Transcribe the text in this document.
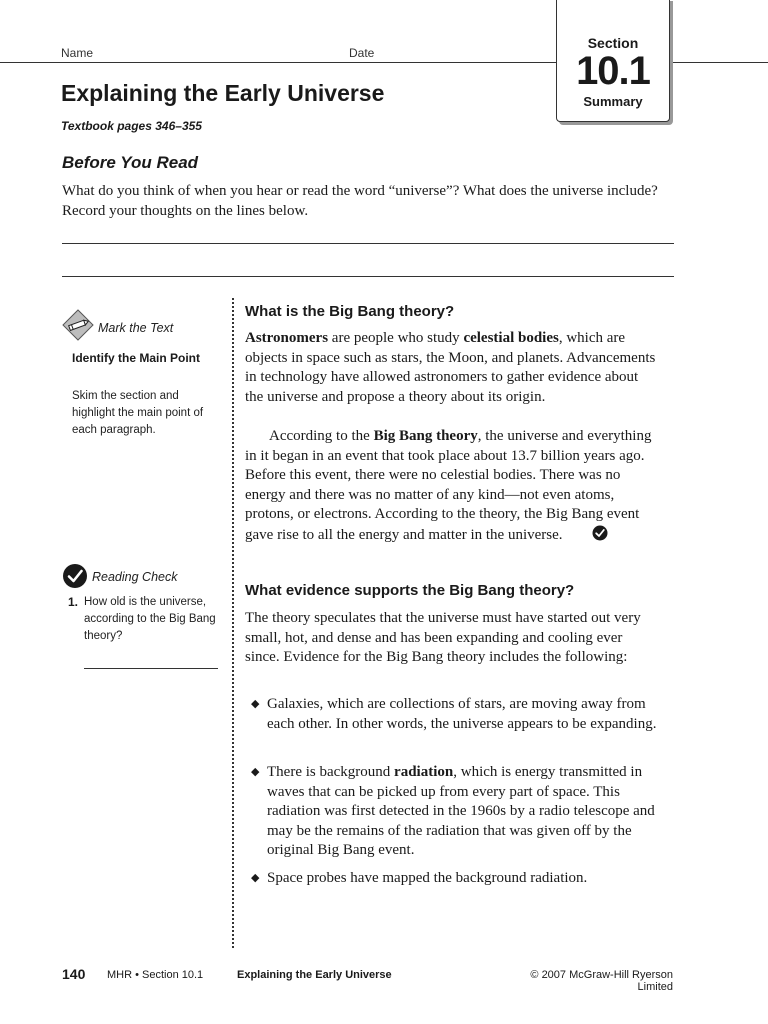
Name	Date
Section
10.1
Summary
Explaining the Early Universe
Textbook pages 346–355
Before You Read
What do you think of when you hear or read the word “universe”? What does the universe include? Record your thoughts on the lines below.
Mark the Text
Identify the Main Point
Skim the section and highlight the main point of each paragraph.
Reading Check
1. How old is the universe, according to the Big Bang theory?
What is the Big Bang theory?
Astronomers are people who study celestial bodies, which are objects in space such as stars, the Moon, and planets. Advancements in technology have allowed astronomers to gather evidence about the universe and propose a theory about its origin.
According to the Big Bang theory, the universe and everything in it began in an event that took place about 13.7 billion years ago. Before this event, there were no celestial bodies. There was no energy and there was no matter of any kind—not even atoms, protons, or electrons. According to the theory, the Big Bang event gave rise to all the energy and matter in the universe.
What evidence supports the Big Bang theory?
The theory speculates that the universe must have started out very small, hot, and dense and has been expanding and cooling ever since. Evidence for the Big Bang theory includes the following:
◆ Galaxies, which are collections of stars, are moving away from each other. In other words, the universe appears to be expanding.
◆ There is background radiation, which is energy transmitted in waves that can be picked up from every part of space. This radiation was first detected in the 1960s by a radio telescope and may be the remains of the radiation that was given off by the original Big Bang event.
◆ Space probes have mapped the background radiation.
140 MHR • Section 10.1	Explaining the Early Universe	© 2007 McGraw-Hill Ryerson Limited
